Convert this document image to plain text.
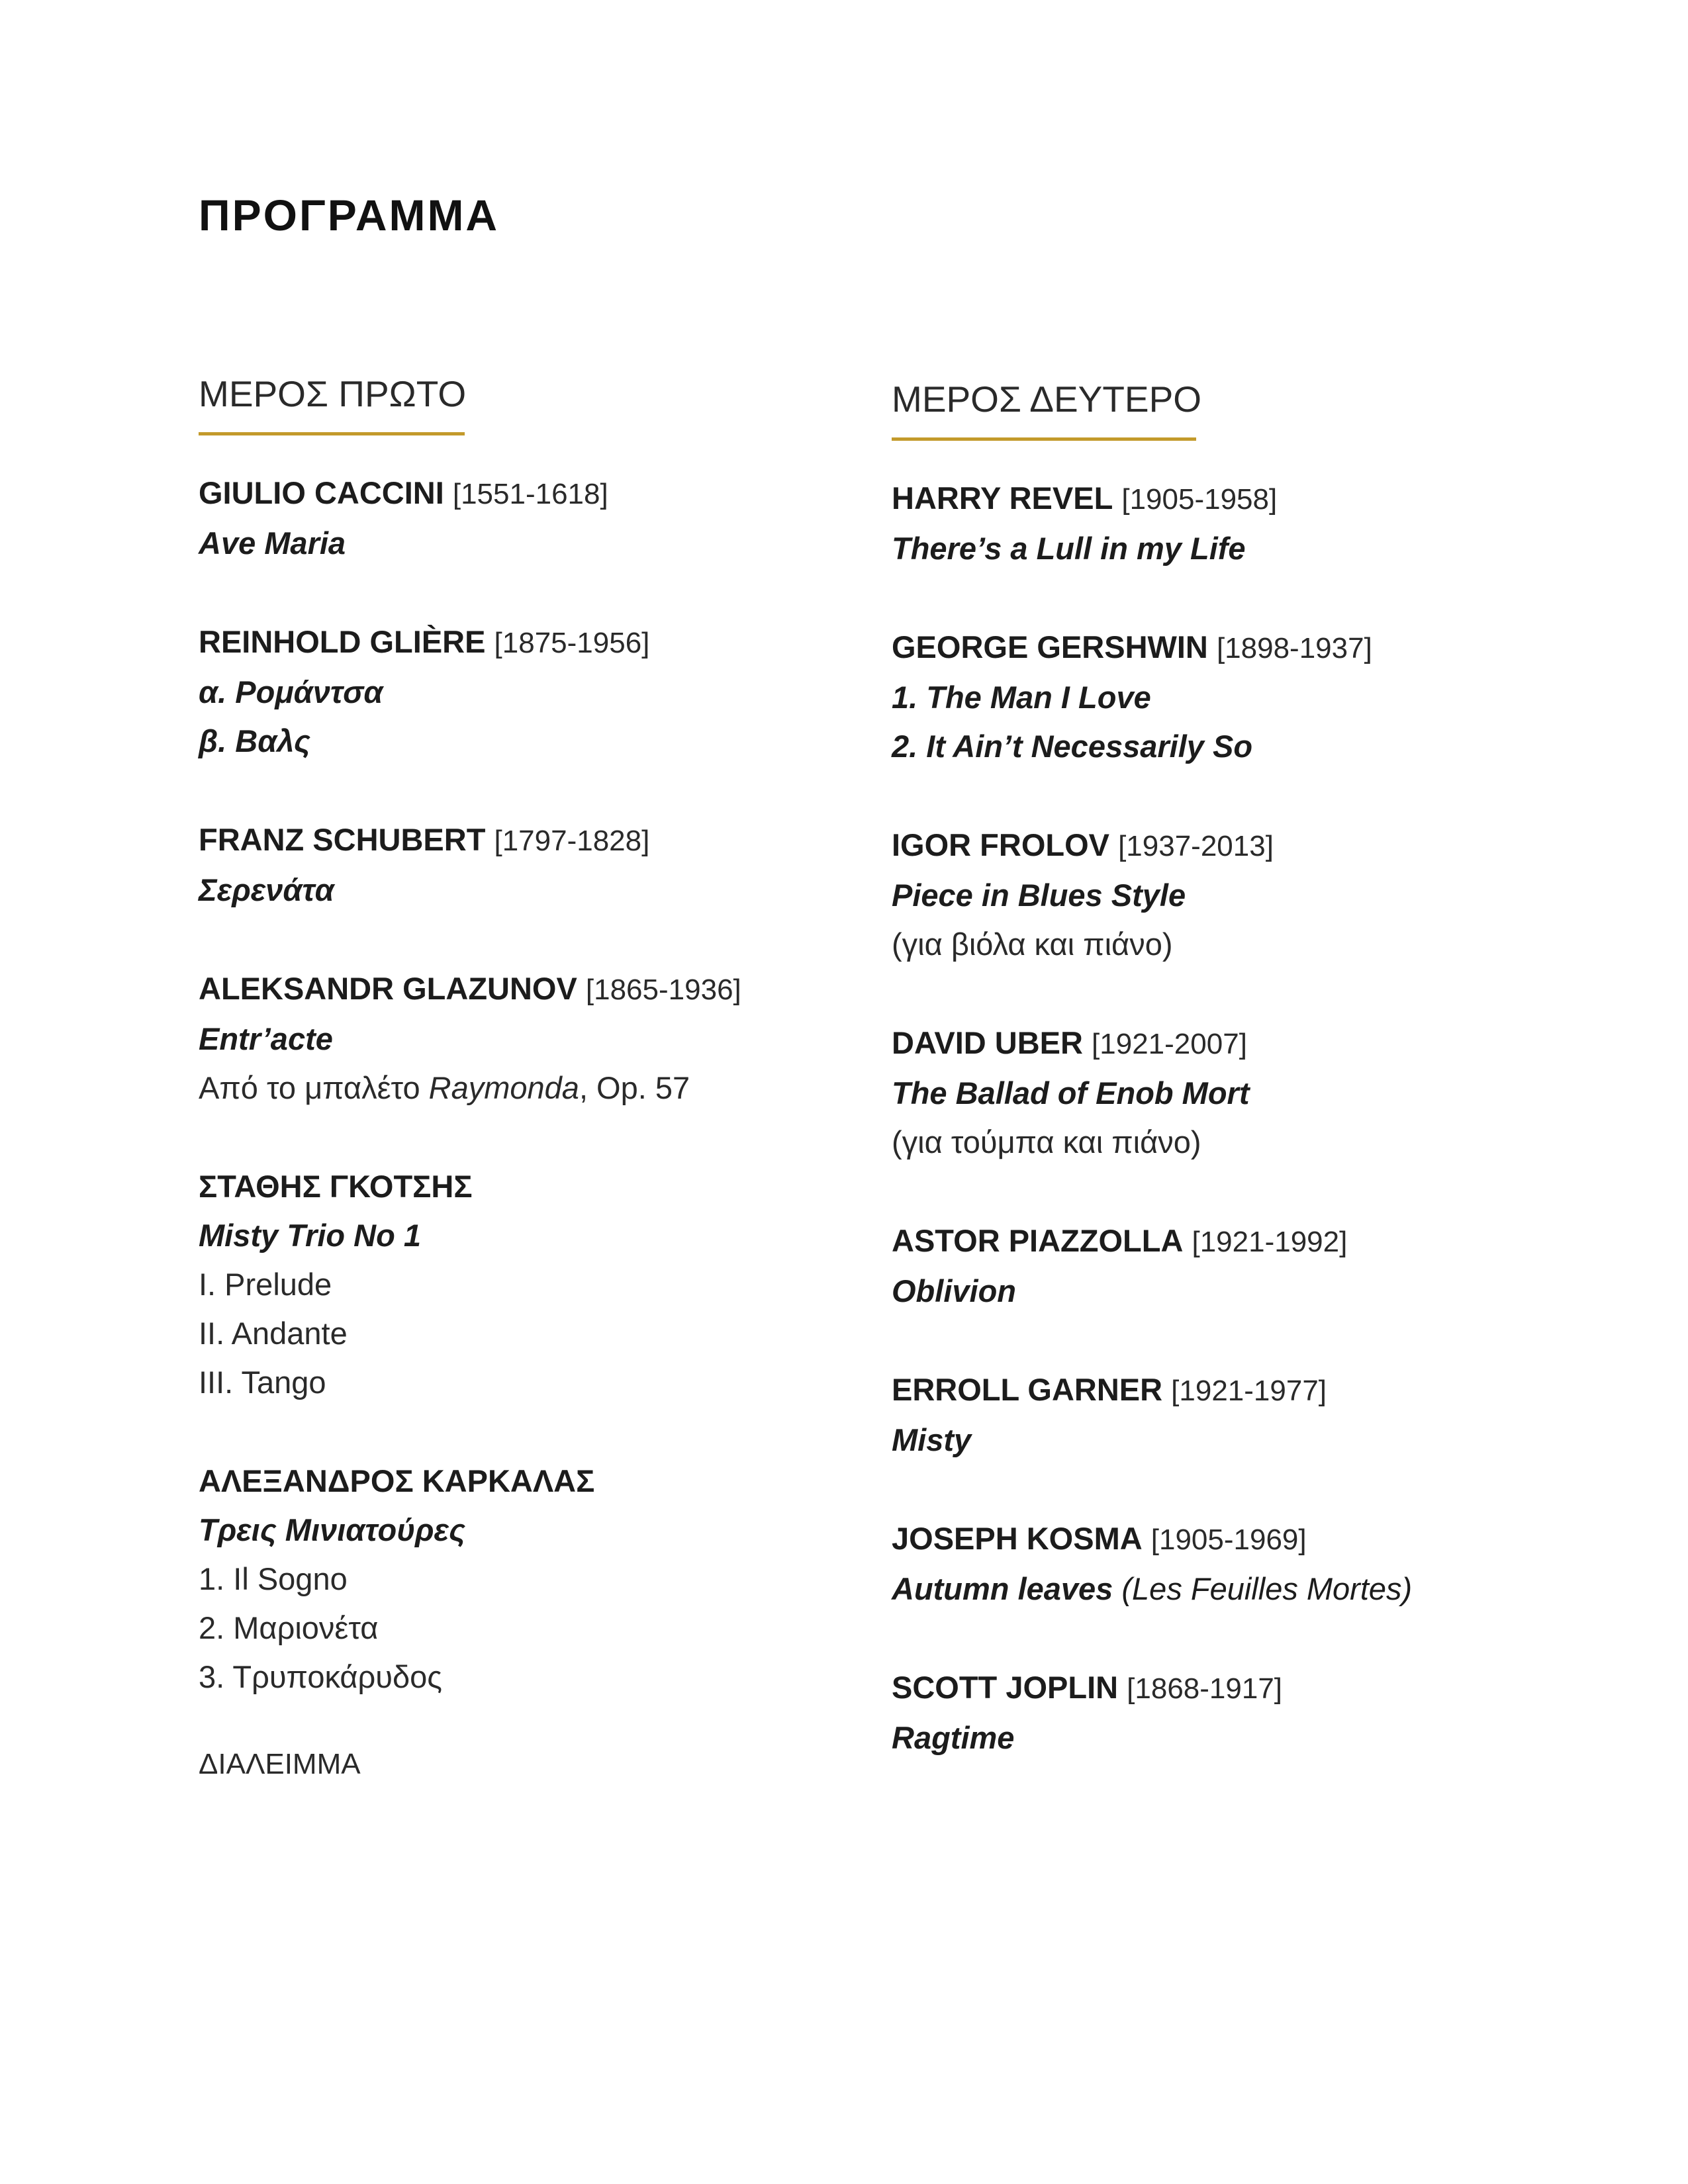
ΠΡΟΓΡΑΜΜΑ
ΜΕΡΟΣ ΠΡΩΤΟ
GIULIO CACCINI [1551-1618]
Ave Maria
REINHOLD GLIÈRE [1875-1956]
α. Ρομάντσα
β. Βαλς
FRANZ SCHUBERT [1797-1828]
Σερενάτα
ALEKSANDR GLAZUNOV [1865-1936]
Entr’acte
Από το μπαλέτο Raymonda, Op. 57
ΣΤΑΘΗΣ ΓΚΟΤΣΗΣ
Misty Trio No 1
I. Prelude
II. Andante
III. Tango
ΑΛΕΞΑΝΔΡΟΣ ΚΑΡΚΑΛΑΣ
Τρεις Μινιατούρες
1. Il Sogno
2. Μαριονέτα
3. Τρυποκάρυδος
ΔΙΑΛΕΙΜΜΑ
ΜΕΡΟΣ ΔΕΥΤΕΡΟ
HARRY REVEL [1905-1958]
There’s a Lull in my Life
GEORGE GERSHWIN [1898-1937]
1. The Man I Love
2. It Ain’t Necessarily So
IGOR FROLOV [1937-2013]
Piece in Blues Style
(για βιόλα και πιάνο)
DAVID UBER [1921-2007]
The Ballad of Enob Mort
(για τούμπα και πιάνο)
ASTOR PIAZZOLLA [1921-1992]
Oblivion
ERROLL GARNER [1921-1977]
Misty
JOSEPH KOSMA [1905-1969]
Autumn leaves (Les Feuilles Mortes)
SCOTT JOPLIN [1868-1917]
Ragtime
